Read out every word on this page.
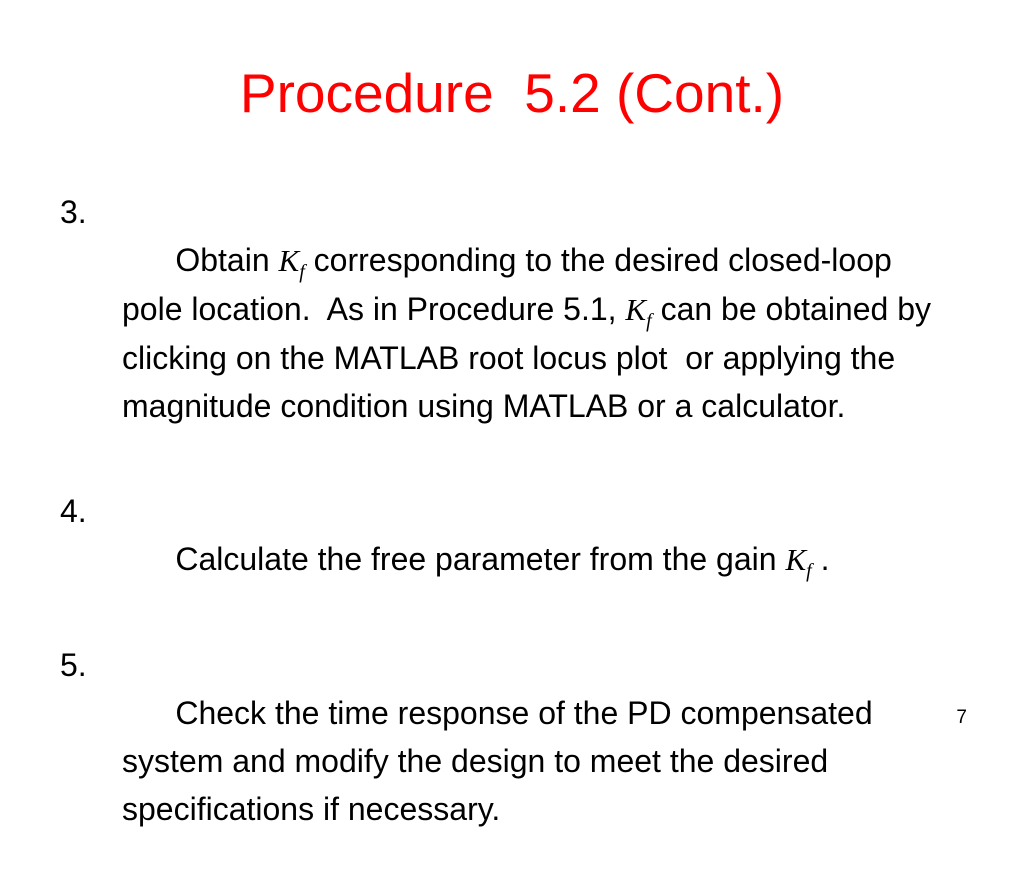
Procedure  5.2 (Cont.)

3.
Obtain $K_f$ corresponding to the desired closed-loop pole location.  As in Procedure 5.1, $K_f$ can be obtained by clicking on the MATLAB root locus plot  or applying the magnitude condition using MATLAB or a calculator.

4.
Calculate the free parameter from the gain $K_f$ .

5.
Check the time response of the PD compensated system and modify the design to meet the desired specifications if necessary.

7
